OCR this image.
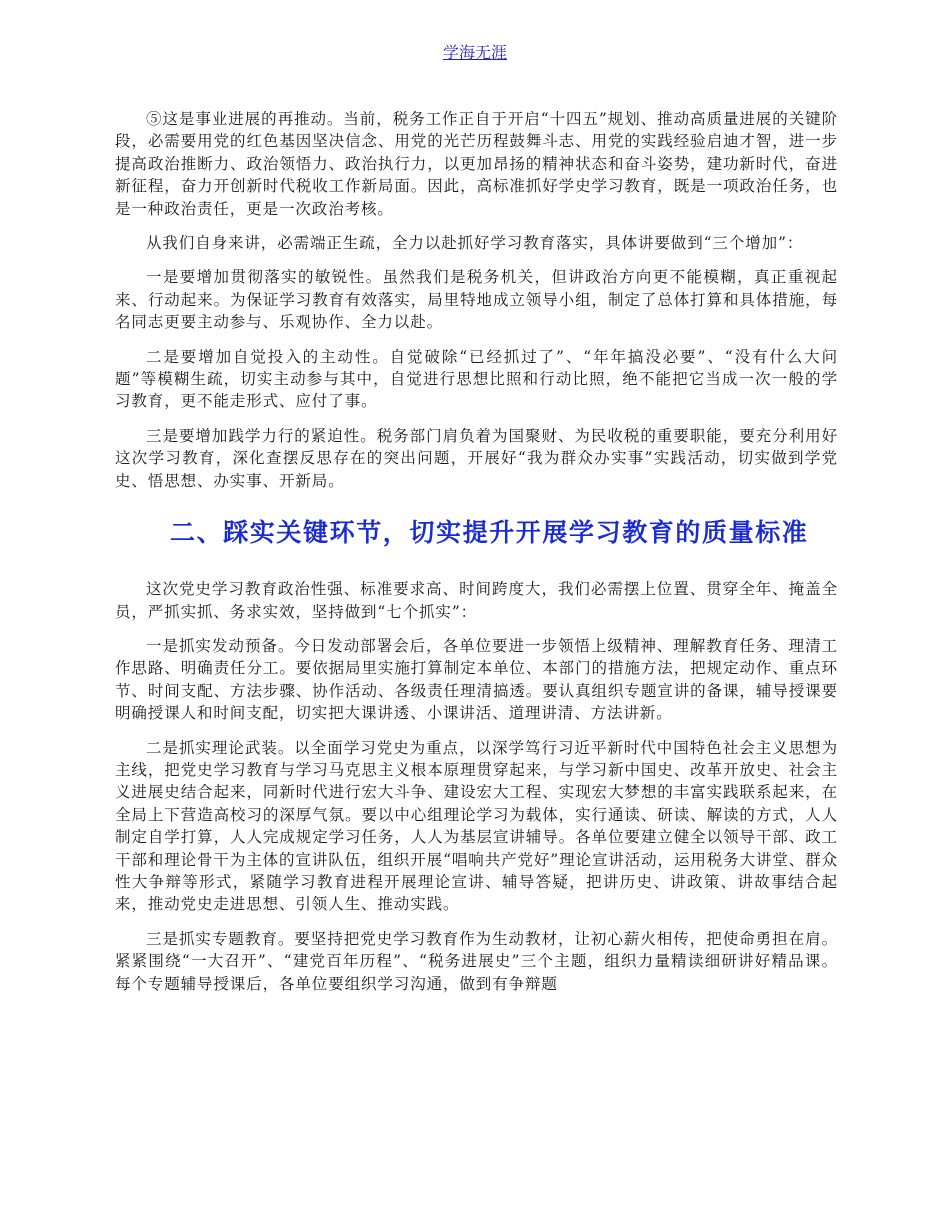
学海无涯

⑤这是事业进展的再推动。当前，税务工作正自于开启“十四五”规划、推动高质量进展的关键阶段，必需要用党的红色基因坚决信念、用党的光芒历程鼓舞斗志、用党的实践经验启迪才智，进一步提高政治推断力、政治领悟力、政治执行力，以更加昂扬的精神状态和奋斗姿势，建功新时代，奋进新征程，奋力开创新时代税收工作新局面。因此，高标准抓好学史学习教育，既是一项政治任务，也是一种政治责任，更是一次政治考核。

从我们自身来讲，必需端正生疏，全力以赴抓好学习教育落实，具体讲要做到“三个增加”：

一是要增加贯彻落实的敏锐性。虽然我们是税务机关，但讲政治方向更不能模糊，真正重视起来、行动起来。为保证学习教育有效落实，局里特地成立领导小组，制定了总体打算和具体措施，每名同志更要主动参与、乐观协作、全力以赴。

二是要增加自觉投入的主动性。自觉破除“已经抓过了”、“年年搞没必要”、“没有什么大问题”等模糊生疏，切实主动参与其中，自觉进行思想比照和行动比照，绝不能把它当成一次一般的学习教育，更不能走形式、应付了事。

三是要增加践学力行的紧迫性。税务部门肩负着为国聚财、为民收税的重要职能，要充分利用好这次学习教育，深化查摆反思存在的突出问题，开展好“我为群众办实事”实践活动，切实做到学党史、悟思想、办实事、开新局。

二、踩实关键环节，切实提升开展学习教育的质量标准

这次党史学习教育政治性强、标准要求高、时间跨度大，我们必需摆上位置、贯穿全年、掩盖全员，严抓实抓、务求实效，坚持做到“七个抓实”：

一是抓实发动预备。今日发动部署会后，各单位要进一步领悟上级精神、理解教育任务、理清工作思路、明确责任分工。要依据局里实施打算制定本单位、本部门的措施方法，把规定动作、重点环节、时间支配、方法步骤、协作活动、各级责任理清搞透。要认真组织专题宣讲的备课，辅导授课要明确授课人和时间支配，切实把大课讲透、小课讲活、道理讲清、方法讲新。

二是抓实理论武装。以全面学习党史为重点，以深学笃行习近平新时代中国特色社会主义思想为主线，把党史学习教育与学习马克思主义根本原理贯穿起来，与学习新中国史、改革开放史、社会主义进展史结合起来，同新时代进行宏大斗争、建设宏大工程、实现宏大梦想的丰富实践联系起来，在全局上下营造高校习的深厚气氛。要以中心组理论学习为载体，实行通读、研读、解读的方式，人人制定自学打算，人人完成规定学习任务，人人为基层宣讲辅导。各单位要建立健全以领导干部、政工干部和理论骨干为主体的宣讲队伍，组织开展“唱响共产党好”理论宣讲活动，运用税务大讲堂、群众性大争辩等形式，紧随学习教育进程开展理论宣讲、辅导答疑，把讲历史、讲政策、讲故事结合起来，推动党史走进思想、引领人生、推动实践。

三是抓实专题教育。要坚持把党史学习教育作为生动教材，让初心薪火相传，把使命勇担在肩。紧紧围绕“一大召开”、“建党百年历程”、“税务进展史”三个主题，组织力量精读细研讲好精品课。每个专题辅导授课后，各单位要组织学习沟通，做到有争辩题
